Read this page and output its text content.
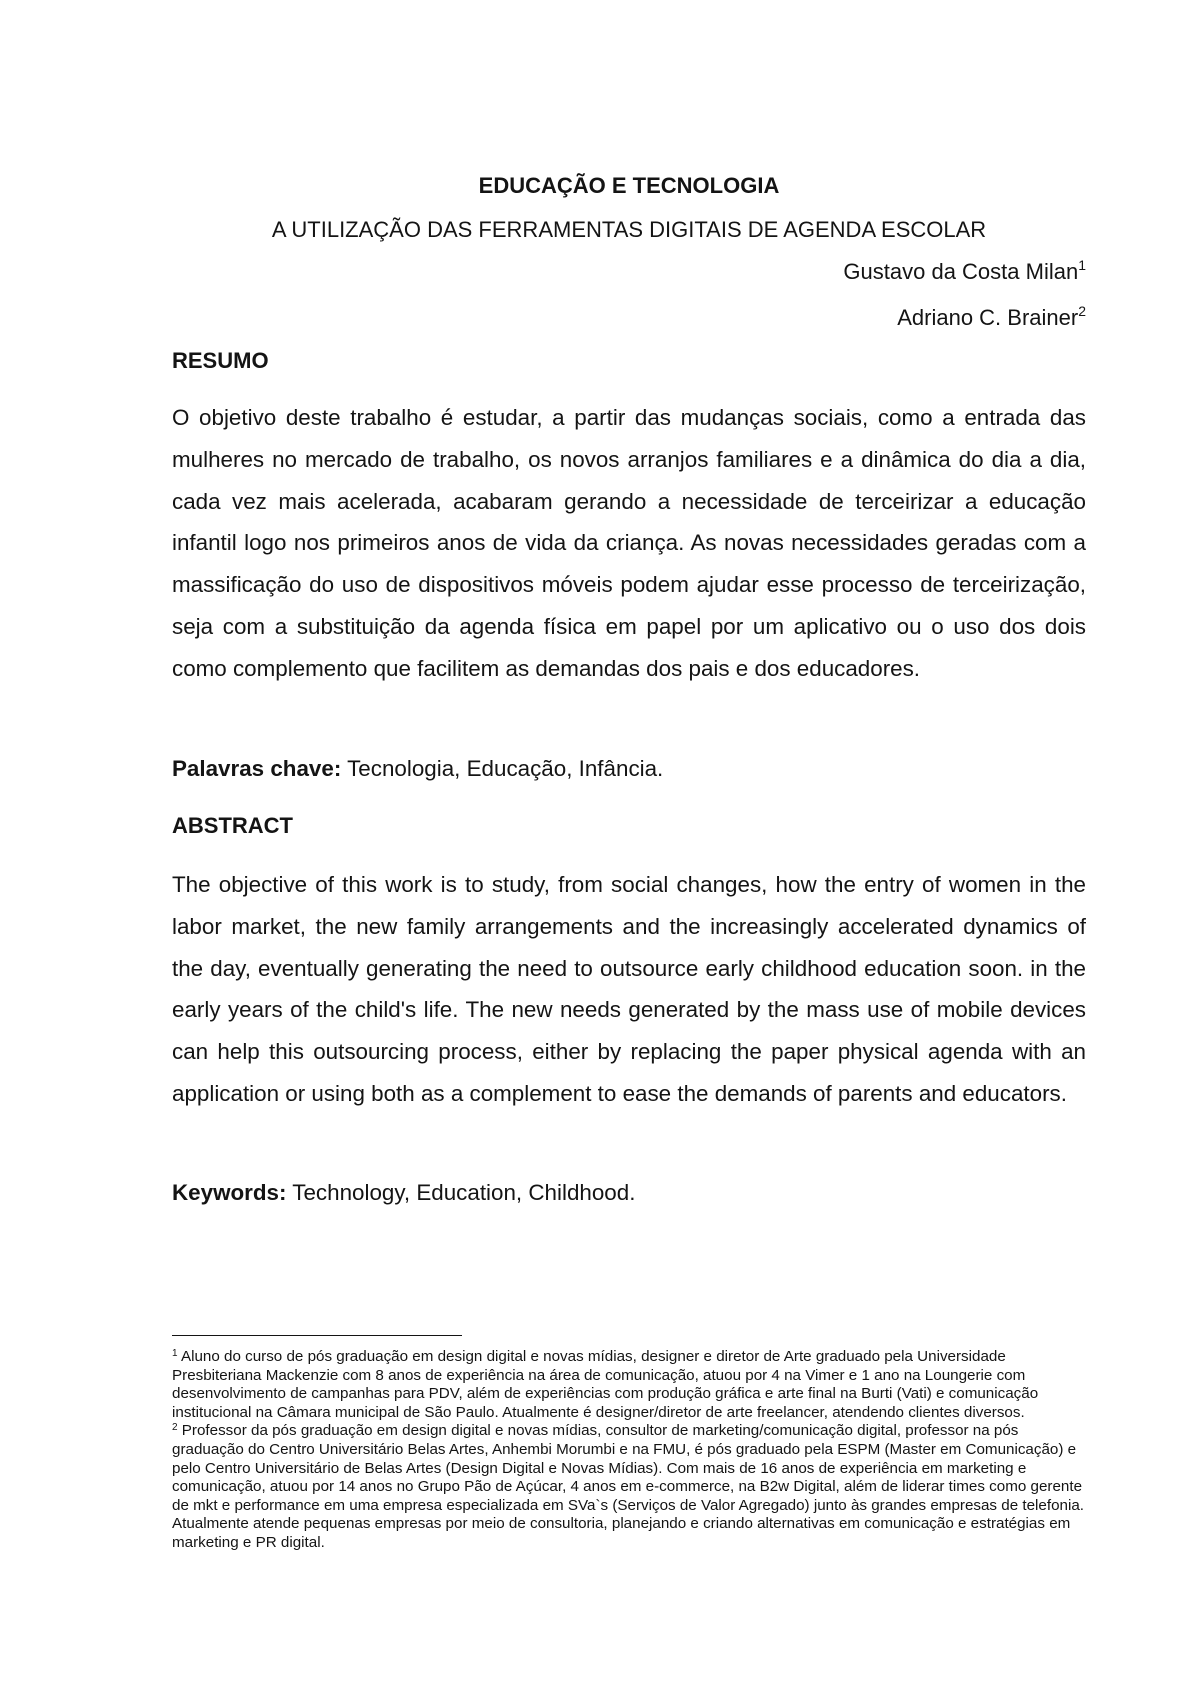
EDUCAÇÃO E TECNOLOGIA
A UTILIZAÇÃO DAS FERRAMENTAS DIGITAIS DE AGENDA ESCOLAR
Gustavo da Costa Milan$^1$
Adriano C. Brainer$^2$
RESUMO
O objetivo deste trabalho é estudar, a partir das mudanças sociais, como a entrada das mulheres no mercado de trabalho, os novos arranjos familiares e a dinâmica do dia a dia, cada vez mais acelerada, acabaram gerando a necessidade de terceirizar a educação infantil logo nos primeiros anos de vida da criança. As novas necessidades geradas com a massificação do uso de dispositivos móveis podem ajudar esse processo de terceirização, seja com a substituição da agenda física em papel por um aplicativo ou o uso dos dois como complemento que facilitem as demandas dos pais e dos educadores.
Palavras chave: Tecnologia, Educação, Infância.
ABSTRACT
The objective of this work is to study, from social changes, how the entry of women in the labor market, the new family arrangements and the increasingly accelerated dynamics of the day, eventually generating the need to outsource early childhood education soon. in the early years of the child's life. The new needs generated by the mass use of mobile devices can help this outsourcing process, either by replacing the paper physical agenda with an application or using both as a complement to ease the demands of parents and educators.
Keywords: Technology, Education, Childhood.

$^1$ Aluno do curso de pós graduação em design digital e novas mídias, designer e diretor de Arte graduado pela Universidade Presbiteriana Mackenzie com 8 anos de experiência na área de comunicação, atuou por 4 na Vimer e 1 ano na Loungerie com desenvolvimento de campanhas para PDV, além de experiências com produção gráfica e arte final na Burti (Vati) e comunicação institucional na Câmara municipal de São Paulo. Atualmente é designer/diretor de arte freelancer, atendendo clientes diversos.

$^2$ Professor da pós graduação em design digital e novas mídias, consultor de marketing/comunicação digital, professor na pós graduação do Centro Universitário Belas Artes, Anhembi Morumbi e na FMU, é pós graduado pela ESPM (Master em Comunicação) e pelo Centro Universitário de Belas Artes (Design Digital e Novas Mídias). Com mais de 16 anos de experiência em marketing e comunicação, atuou por 14 anos no Grupo Pão de Açúcar, 4 anos em e-commerce, na B2w Digital, além de liderar times como gerente de mkt e performance em uma empresa especializada em SVa`s (Serviços de Valor Agregado) junto às grandes empresas de telefonia. Atualmente atende pequenas empresas por meio de consultoria, planejando e criando alternativas em comunicação e estratégias em marketing e PR digital.
